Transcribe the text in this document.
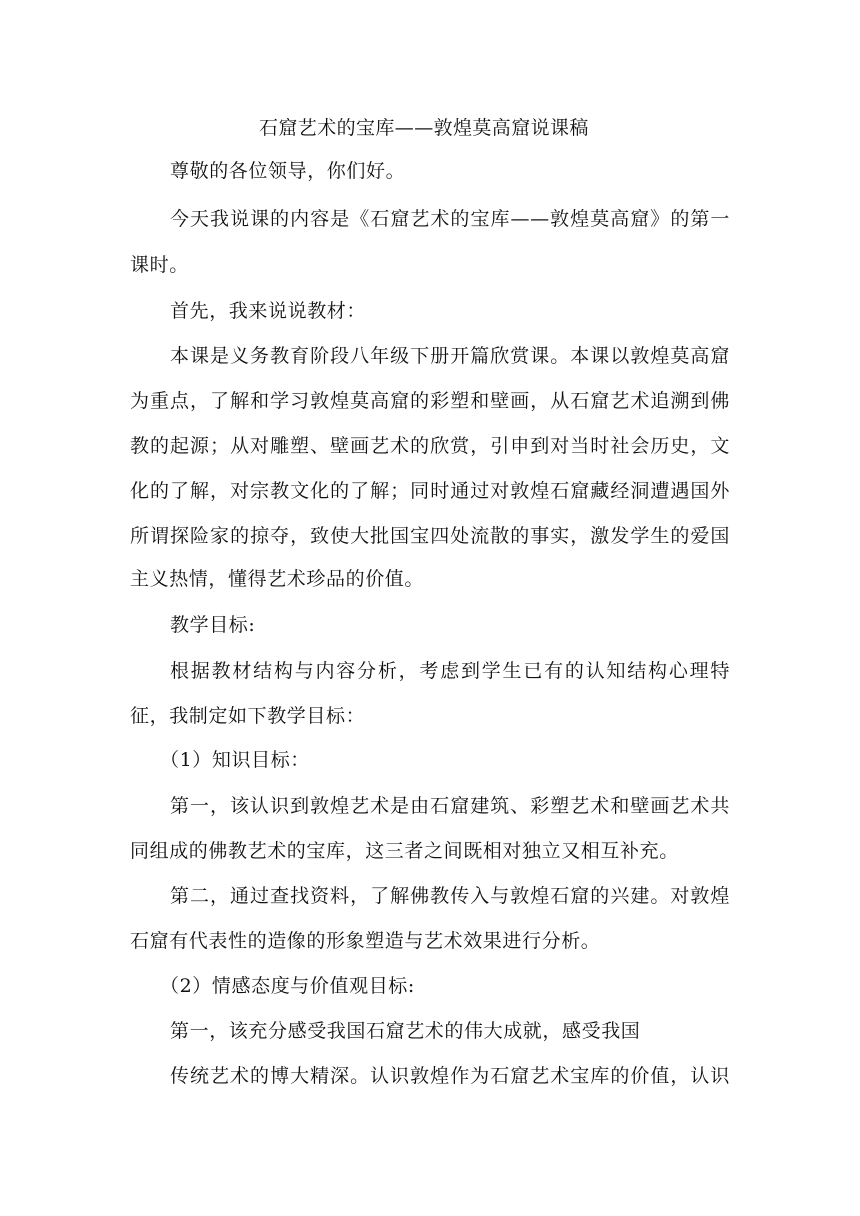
石窟艺术的宝库——敦煌莫高窟说课稿
尊敬的各位领导，你们好。
今天我说课的内容是《石窟艺术的宝库——敦煌莫高窟》的第一
课时。
首先，我来说说教材：
本课是义务教育阶段八年级下册开篇欣赏课。本课以敦煌莫高窟
为重点，了解和学习敦煌莫高窟的彩塑和壁画，从石窟艺术追溯到佛
教的起源；从对雕塑、壁画艺术的欣赏，引申到对当时社会历史，文
化的了解，对宗教文化的了解；同时通过对敦煌石窟藏经洞遭遇国外
所谓探险家的掠夺，致使大批国宝四处流散的事实，激发学生的爱国
主义热情，懂得艺术珍品的价值。
教学目标:
根据教材结构与内容分析，考虑到学生已有的认知结构心理特
征，我制定如下教学目标：
（1）知识目标：
第一，该认识到敦煌艺术是由石窟建筑、彩塑艺术和壁画艺术共
同组成的佛教艺术的宝库，这三者之间既相对独立又相互补充。
第二，通过查找资料，了解佛教传入与敦煌石窟的兴建。对敦煌
石窟有代表性的造像的形象塑造与艺术效果进行分析。
（2）情感态度与价值观目标:
第一，该充分感受我国石窟艺术的伟大成就，感受我国
传统艺术的博大精深。认识敦煌作为石窟艺术宝库的价值，认识
